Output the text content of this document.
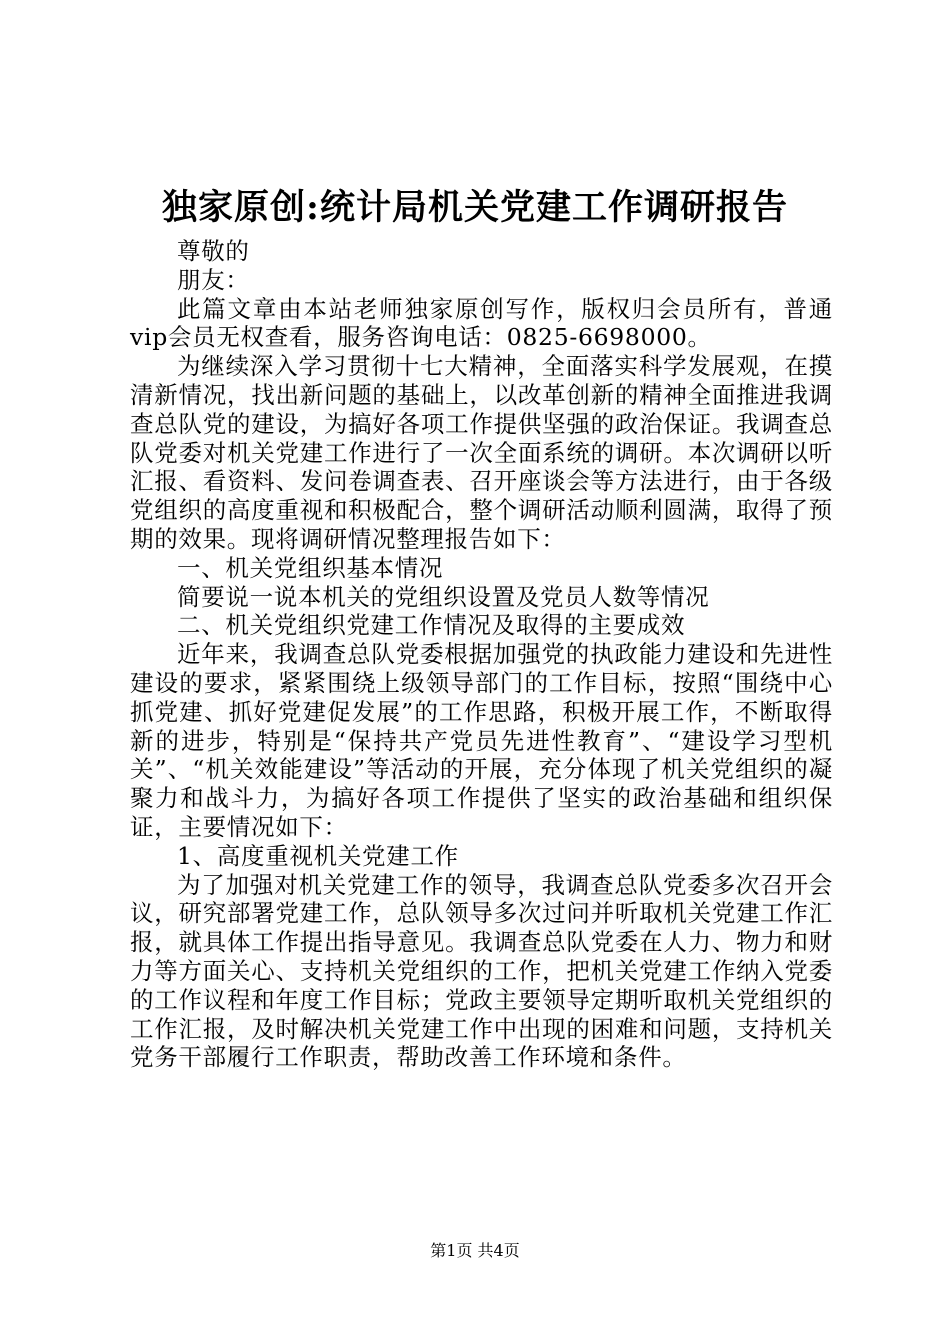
独家原创:统计局机关党建工作调研报告

尊敬的

朋友：

此篇文章由本站老师独家原创写作，版权归会员所有，普通vip会员无权查看，服务咨询电话：0825-6698000。

为继续深入学习贯彻十七大精神，全面落实科学发展观，在摸清新情况，找出新问题的基础上，以改革创新的精神全面推进我调查总队党的建设，为搞好各项工作提供坚强的政治保证。我调查总队党委对机关党建工作进行了一次全面系统的调研。本次调研以听汇报、看资料、发问卷调查表、召开座谈会等方法进行，由于各级党组织的高度重视和积极配合，整个调研活动顺利圆满，取得了预期的效果。现将调研情况整理报告如下：

一、机关党组织基本情况

简要说一说本机关的党组织设置及党员人数等情况

二、机关党组织党建工作情况及取得的主要成效

近年来，我调查总队党委根据加强党的执政能力建设和先进性建设的要求，紧紧围绕上级领导部门的工作目标，按照“围绕中心抓党建、抓好党建促发展”的工作思路，积极开展工作，不断取得新的进步，特别是“保持共产党员先进性教育”、“建设学习型机关”、“机关效能建设”等活动的开展，充分体现了机关党组织的凝聚力和战斗力，为搞好各项工作提供了坚实的政治基础和组织保证，主要情况如下：

1、高度重视机关党建工作

为了加强对机关党建工作的领导，我调查总队党委多次召开会议，研究部署党建工作，总队领导多次过问并听取机关党建工作汇报，就具体工作提出指导意见。我调查总队党委在人力、物力和财力等方面关心、支持机关党组织的工作，把机关党建工作纳入党委的工作议程和年度工作目标；党政主要领导定期听取机关党组织的工作汇报，及时解决机关党建工作中出现的困难和问题，支持机关党务干部履行工作职责，帮助改善工作环境和条件。

第1页 共4页
